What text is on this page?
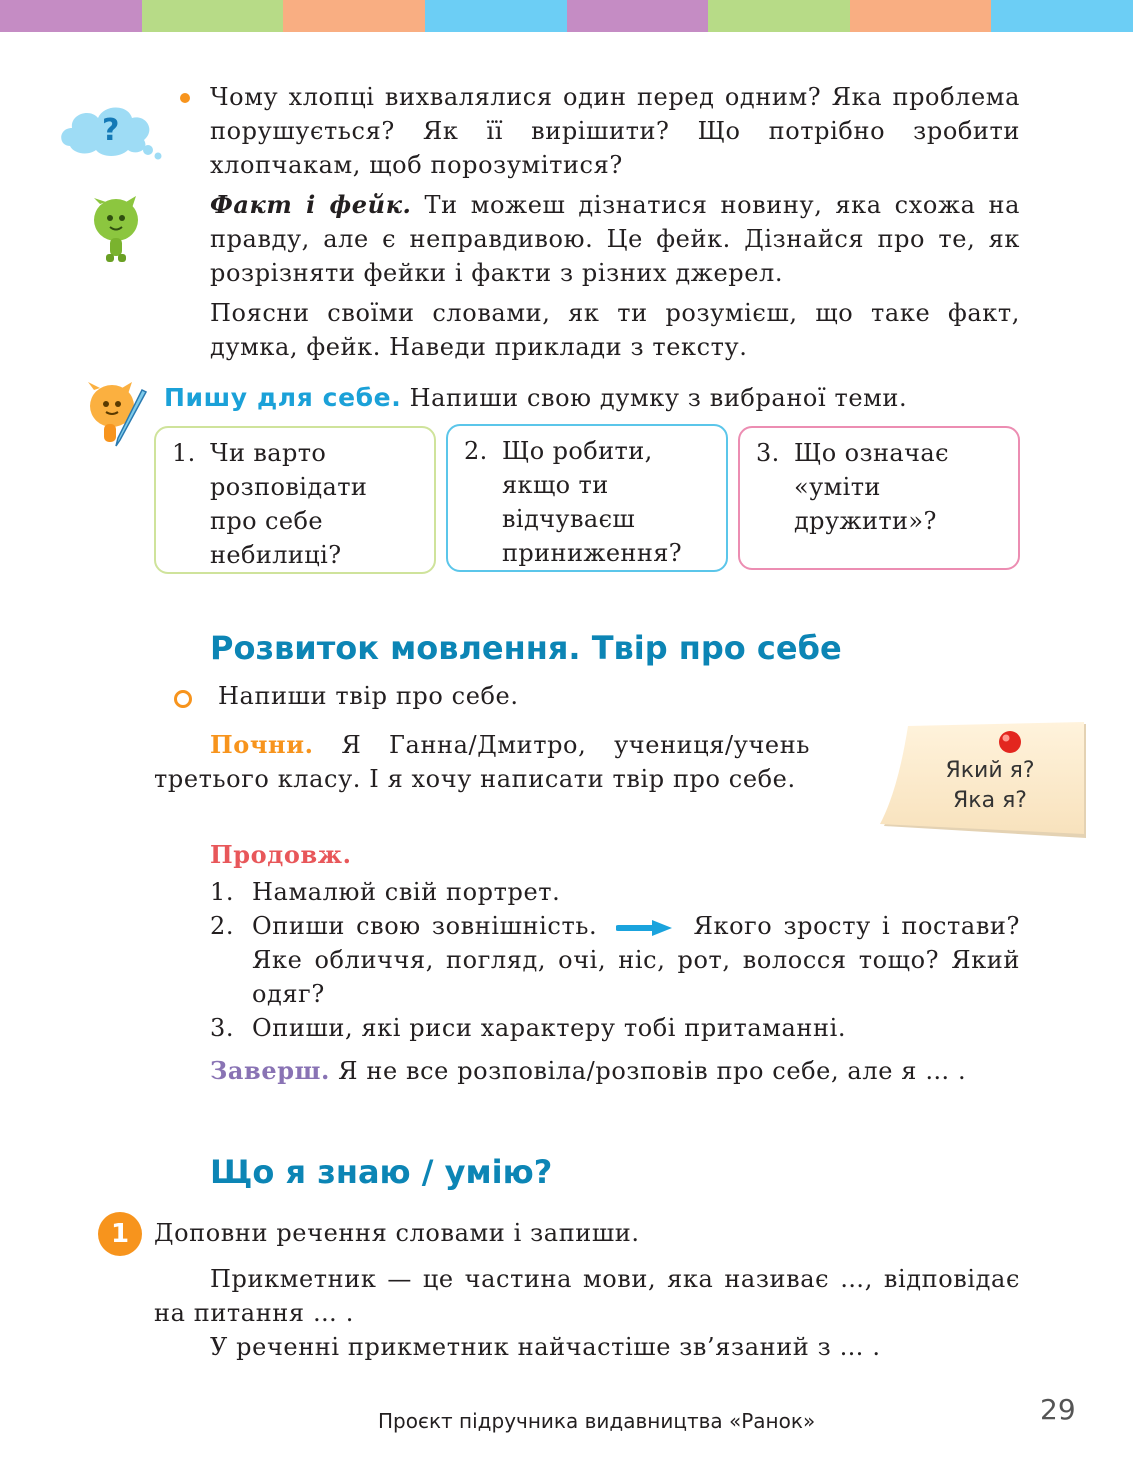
?
Чому хлопці вихвалялися один перед одним? Яка проблема порушується? Як її вирішити? Що потрібно зробити хлопчакам, щоб порозумітися?
Факт і фейк. Ти можеш дізнатися новину, яка схожа на правду, але є неправдивою. Це фейк. Дізнайся про те, як розрізняти фейки і факти з різних джерел.
Поясни своїми словами, як ти розумієш, що таке факт, думка, фейк. Наведи приклади з тексту.
Пишу для себе. Напиши свою думку з вибраної теми.
1. Чи варто розповідати про себе небилиці?
2. Що робити, якщо ти відчуваєш приниження?
3. Що означає «уміти дружити»?
Розвиток мовлення. Твір про себе
Напиши твір про себе.
Почни. Я Ганна/Дмитро, учениця/учень третього класу. І я хочу написати твір про себе.	Який я?
Яка я?
Продовж.
1. Намалюй свій портрет.
2. Опиши свою зовнішність.	Якого зросту і постави? Яке обличчя, погляд, очі, ніс, рот, волосся тощо? Який одяг?
3. Опиши, які риси характеру тобі притаманні.
Заверш. Я не все розповіла/розповів про себе, але я … .
Що я знаю / умію?
1	Доповни речення словами і запиши.
Прикметник — це частина мови, яка називає …, відповідає на питання … .
У реченні прикметник найчастіше зв’язаний з … .
Проєкт підручника видавництва «Ранок»	29
